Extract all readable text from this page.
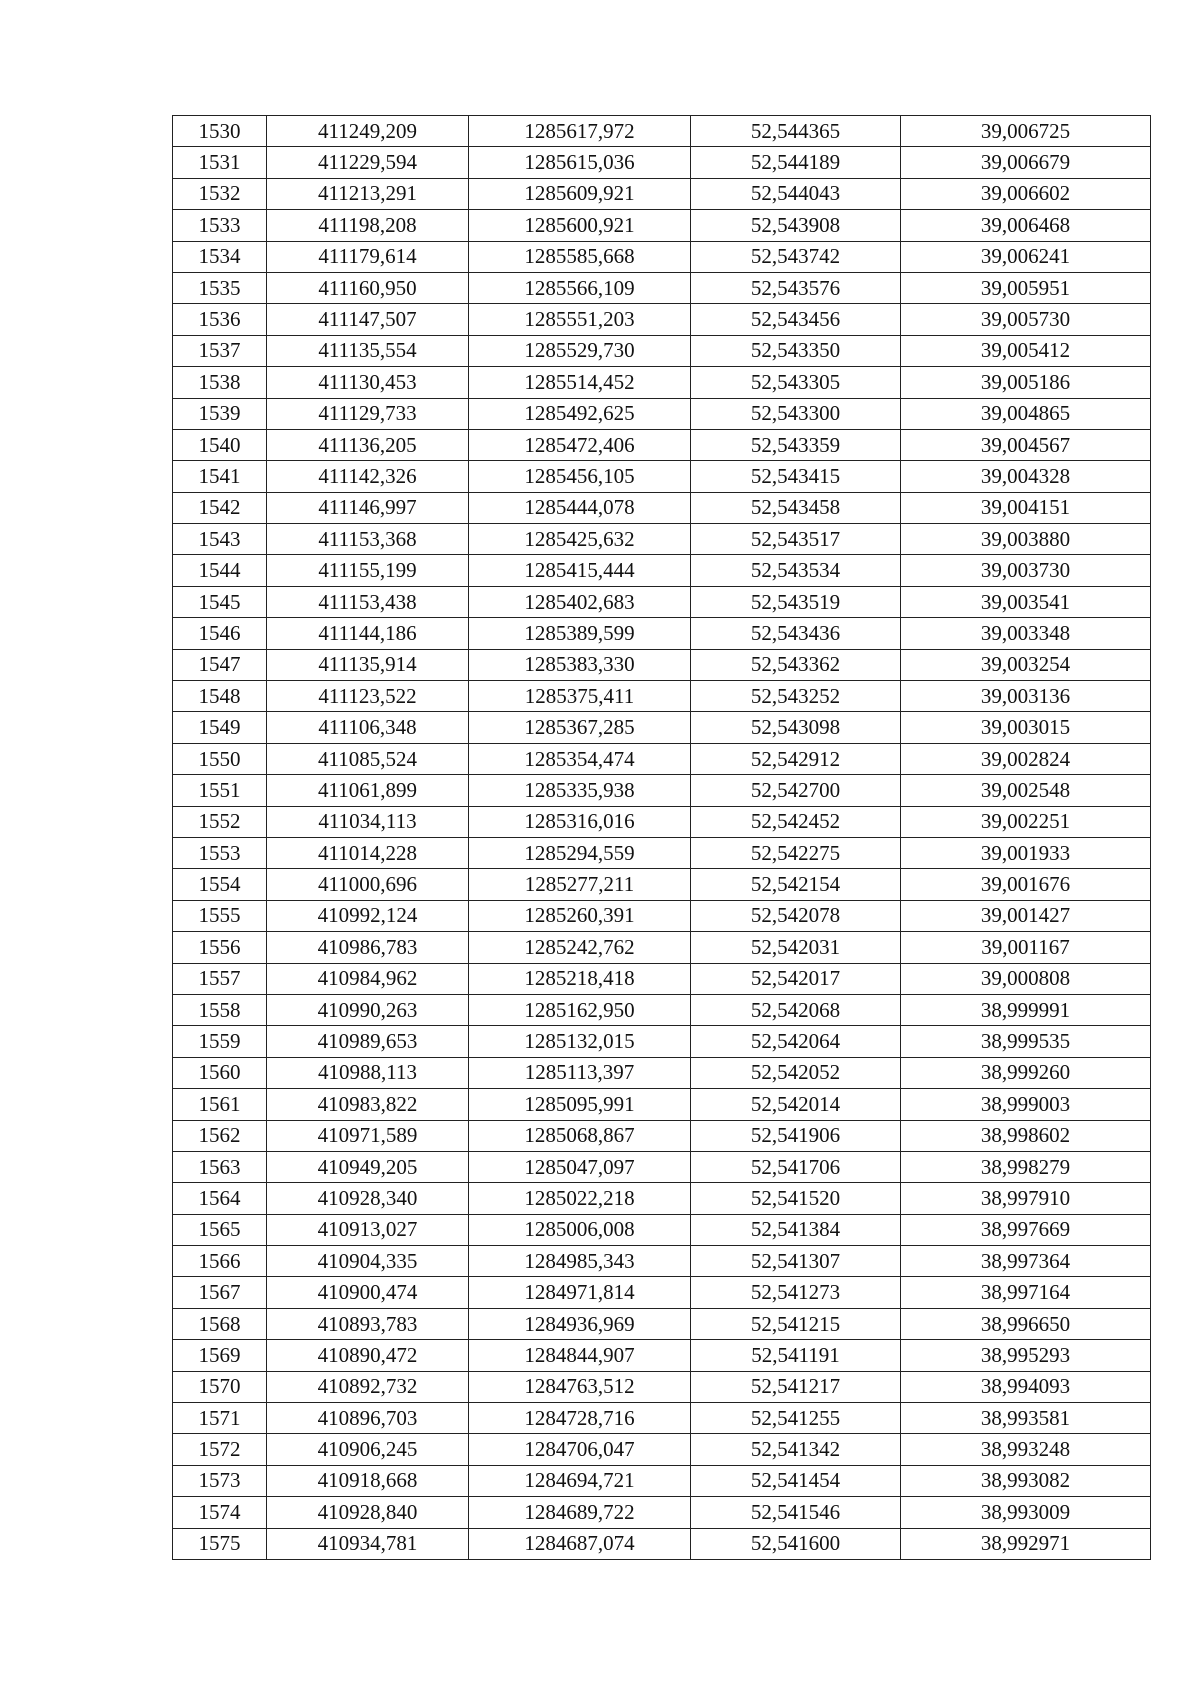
1530	411249,209	1285617,972	52,544365	39,006725
1531	411229,594	1285615,036	52,544189	39,006679
1532	411213,291	1285609,921	52,544043	39,006602
1533	411198,208	1285600,921	52,543908	39,006468
1534	411179,614	1285585,668	52,543742	39,006241
1535	411160,950	1285566,109	52,543576	39,005951
1536	411147,507	1285551,203	52,543456	39,005730
1537	411135,554	1285529,730	52,543350	39,005412
1538	411130,453	1285514,452	52,543305	39,005186
1539	411129,733	1285492,625	52,543300	39,004865
1540	411136,205	1285472,406	52,543359	39,004567
1541	411142,326	1285456,105	52,543415	39,004328
1542	411146,997	1285444,078	52,543458	39,004151
1543	411153,368	1285425,632	52,543517	39,003880
1544	411155,199	1285415,444	52,543534	39,003730
1545	411153,438	1285402,683	52,543519	39,003541
1546	411144,186	1285389,599	52,543436	39,003348
1547	411135,914	1285383,330	52,543362	39,003254
1548	411123,522	1285375,411	52,543252	39,003136
1549	411106,348	1285367,285	52,543098	39,003015
1550	411085,524	1285354,474	52,542912	39,002824
1551	411061,899	1285335,938	52,542700	39,002548
1552	411034,113	1285316,016	52,542452	39,002251
1553	411014,228	1285294,559	52,542275	39,001933
1554	411000,696	1285277,211	52,542154	39,001676
1555	410992,124	1285260,391	52,542078	39,001427
1556	410986,783	1285242,762	52,542031	39,001167
1557	410984,962	1285218,418	52,542017	39,000808
1558	410990,263	1285162,950	52,542068	38,999991
1559	410989,653	1285132,015	52,542064	38,999535
1560	410988,113	1285113,397	52,542052	38,999260
1561	410983,822	1285095,991	52,542014	38,999003
1562	410971,589	1285068,867	52,541906	38,998602
1563	410949,205	1285047,097	52,541706	38,998279
1564	410928,340	1285022,218	52,541520	38,997910
1565	410913,027	1285006,008	52,541384	38,997669
1566	410904,335	1284985,343	52,541307	38,997364
1567	410900,474	1284971,814	52,541273	38,997164
1568	410893,783	1284936,969	52,541215	38,996650
1569	410890,472	1284844,907	52,541191	38,995293
1570	410892,732	1284763,512	52,541217	38,994093
1571	410896,703	1284728,716	52,541255	38,993581
1572	410906,245	1284706,047	52,541342	38,993248
1573	410918,668	1284694,721	52,541454	38,993082
1574	410928,840	1284689,722	52,541546	38,993009
1575	410934,781	1284687,074	52,541600	38,992971
